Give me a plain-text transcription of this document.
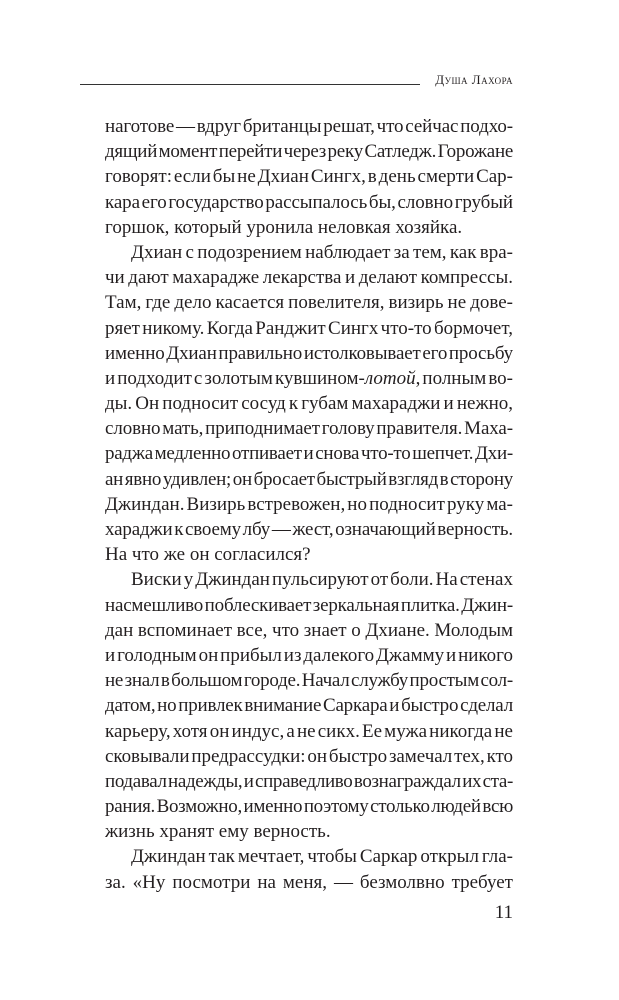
Душа Лахора
наготове — вдруг британцы решат, что сейчас подхо-
дящий момент перейти через реку Сатледж. Горожане
говорят: если бы не Дхиан Сингх, в день смерти Сар-
кара его государство рассыпалось бы, словно грубый
горшок, который уронила неловкая хозяйка.
Дхиан с подозрением наблюдает за тем, как вра-
чи дают махарадже лекарства и делают компрессы.
Там, где дело касается повелителя, визирь не дове-
ряет никому. Когда Ранджит Сингх что-то бормочет,
именно Дхиан правильно истолковывает его просьбу
и подходит с золотым кувшином-лотой, полным во-
ды. Он подносит сосуд к губам махараджи и нежно,
словно мать, приподнимает голову правителя. Маха-
раджа медленно отпивает и снова что-то шепчет. Дхи-
ан явно удивлен; он бросает быстрый взгляд в сторону
Джиндан. Визирь встревожен, но подносит руку ма-
хараджи к своему лбу — жест, означающий верность.
На что же он согласился?
Виски у Джиндан пульсируют от боли. На стенах
насмешливо поблескивает зеркальная плитка. Джин-
дан вспоминает все, что знает о Дхиане. Молодым
и голодным он прибыл из далекого Джамму и никого
не знал в большом городе. Начал службу простым сол-
датом, но привлек внимание Саркара и быстро сделал
карьеру, хотя он индус, а не сикх. Ее мужа никогда не
сковывали предрассудки: он быстро замечал тех, кто
подавал надежды, и справедливо вознаграждал их ста-
рания. Возможно, именно поэтому столько людей всю
жизнь хранят ему верность.
Джиндан так мечтает, чтобы Саркар открыл гла-
за. «Ну посмотри на меня, — безмолвно требует
11
